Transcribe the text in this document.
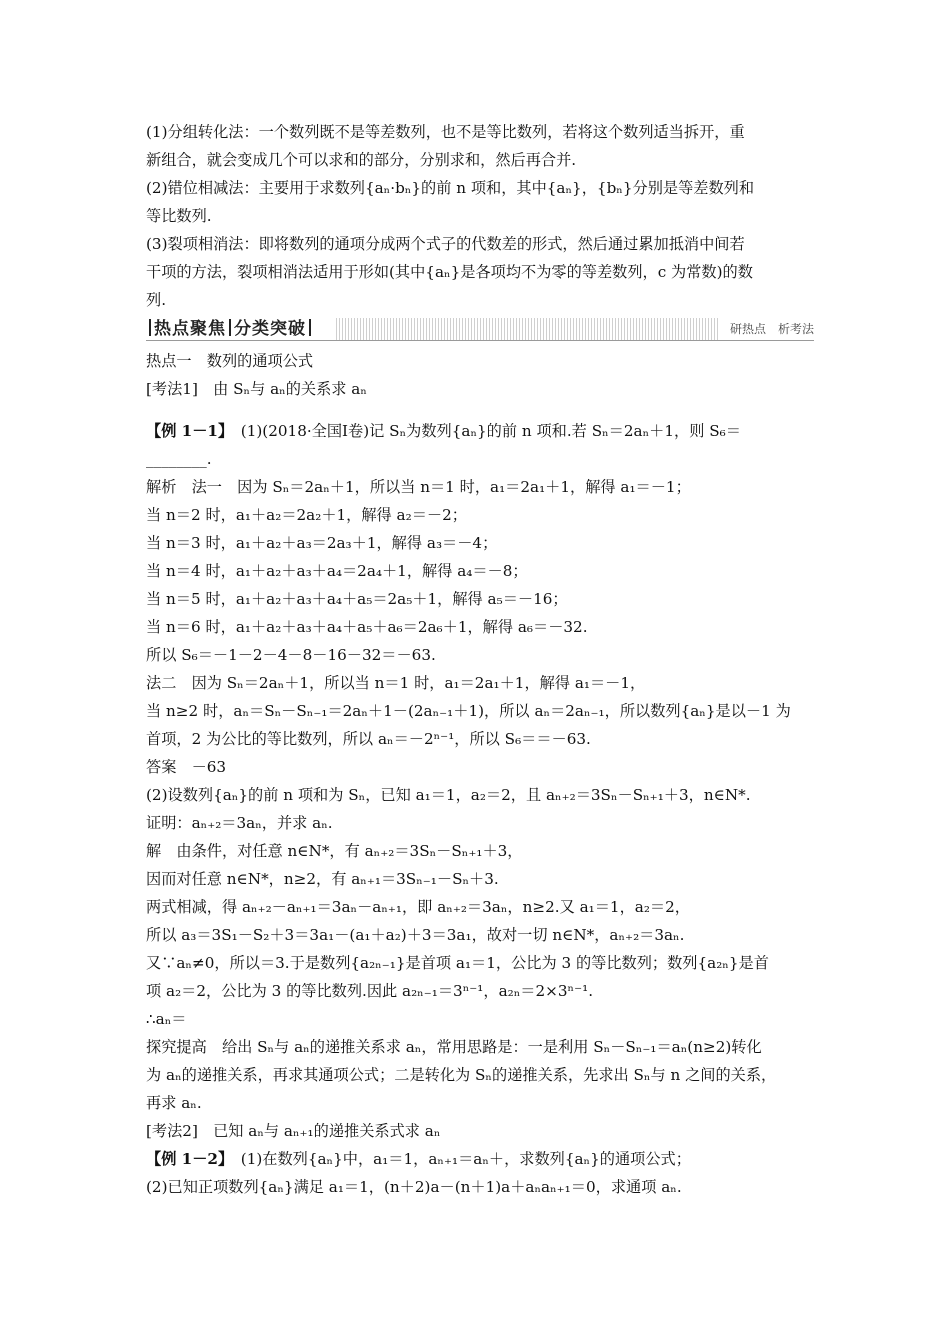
(1)分组转化法：一个数列既不是等差数列，也不是等比数列，若将这个数列适当拆开，重
新组合，就会变成几个可以求和的部分，分别求和，然后再合并.
(2)错位相减法：主要用于求数列{aₙ·bₙ}的前 n 项和，其中{aₙ}，{bₙ}分别是等差数列和
等比数列.
(3)裂项相消法：即将数列的通项分成两个式子的代数差的形式，然后通过累加抵消中间若
干项的方法，裂项相消法适用于形如(其中{aₙ}是各项均不为零的等差数列，c 为常数)的数
列.
热点聚焦 分类突破	研热点　析考法
热点一　数列的通项公式
[考法1]　由 Sₙ与 aₙ的关系求 aₙ
【例 1－1】　(1)(2018·全国Ⅰ卷)记 Sₙ为数列{aₙ}的前 n 项和.若 Sₙ＝2aₙ＋1，则 S₆＝
________.
解析　法一　因为 Sₙ＝2aₙ＋1，所以当 n＝1 时，a₁＝2a₁＋1，解得 a₁＝－1；
当 n＝2 时，a₁＋a₂＝2a₂＋1，解得 a₂＝－2；
当 n＝3 时，a₁＋a₂＋a₃＝2a₃＋1，解得 a₃＝－4；
当 n＝4 时，a₁＋a₂＋a₃＋a₄＝2a₄＋1，解得 a₄＝－8；
当 n＝5 时，a₁＋a₂＋a₃＋a₄＋a₅＝2a₅＋1，解得 a₅＝－16；
当 n＝6 时，a₁＋a₂＋a₃＋a₄＋a₅＋a₆＝2a₆＋1，解得 a₆＝－32.
所以 S₆＝－1－2－4－8－16－32＝－63.
法二　因为 Sₙ＝2aₙ＋1，所以当 n＝1 时，a₁＝2a₁＋1，解得 a₁＝－1，
当 n≥2 时，aₙ＝Sₙ－Sₙ₋₁＝2aₙ＋1－(2aₙ₋₁＋1)，所以 aₙ＝2aₙ₋₁，所以数列{aₙ}是以－1 为
首项，2 为公比的等比数列，所以 aₙ＝－2ⁿ⁻¹，所以 S₆＝＝－63.
答案　－63
(2)设数列{aₙ}的前 n 项和为 Sₙ，已知 a₁＝1，a₂＝2，且 aₙ₊₂＝3Sₙ－Sₙ₊₁＋3，n∈N*.
证明：aₙ₊₂＝3aₙ，并求 aₙ.
解　由条件，对任意 n∈N*，有 aₙ₊₂＝3Sₙ－Sₙ₊₁＋3，
因而对任意 n∈N*，n≥2，有 aₙ₊₁＝3Sₙ₋₁－Sₙ＋3.
两式相减，得 aₙ₊₂－aₙ₊₁＝3aₙ－aₙ₊₁，即 aₙ₊₂＝3aₙ，n≥2.又 a₁＝1，a₂＝2，
所以 a₃＝3S₁－S₂＋3＝3a₁－(a₁＋a₂)＋3＝3a₁，故对一切 n∈N*，aₙ₊₂＝3aₙ.
又∵aₙ≠0，所以＝3.于是数列{a₂ₙ₋₁}是首项 a₁＝1，公比为 3 的等比数列；数列{a₂ₙ}是首
项 a₂＝2，公比为 3 的等比数列.因此 a₂ₙ₋₁＝3ⁿ⁻¹，a₂ₙ＝2×3ⁿ⁻¹.
∴aₙ＝
探究提高　给出 Sₙ与 aₙ的递推关系求 aₙ，常用思路是：一是利用 Sₙ－Sₙ₋₁＝aₙ(n≥2)转化
为 aₙ的递推关系，再求其通项公式；二是转化为 Sₙ的递推关系，先求出 Sₙ与 n 之间的关系，
再求 aₙ.
[考法2]　已知 aₙ与 aₙ₊₁的递推关系式求 aₙ
【例 1－2】　(1)在数列{aₙ}中，a₁＝1，aₙ₊₁＝aₙ＋，求数列{aₙ}的通项公式；
(2)已知正项数列{aₙ}满足 a₁＝1，(n＋2)a－(n＋1)a＋aₙaₙ₊₁＝0，求通项 aₙ.
